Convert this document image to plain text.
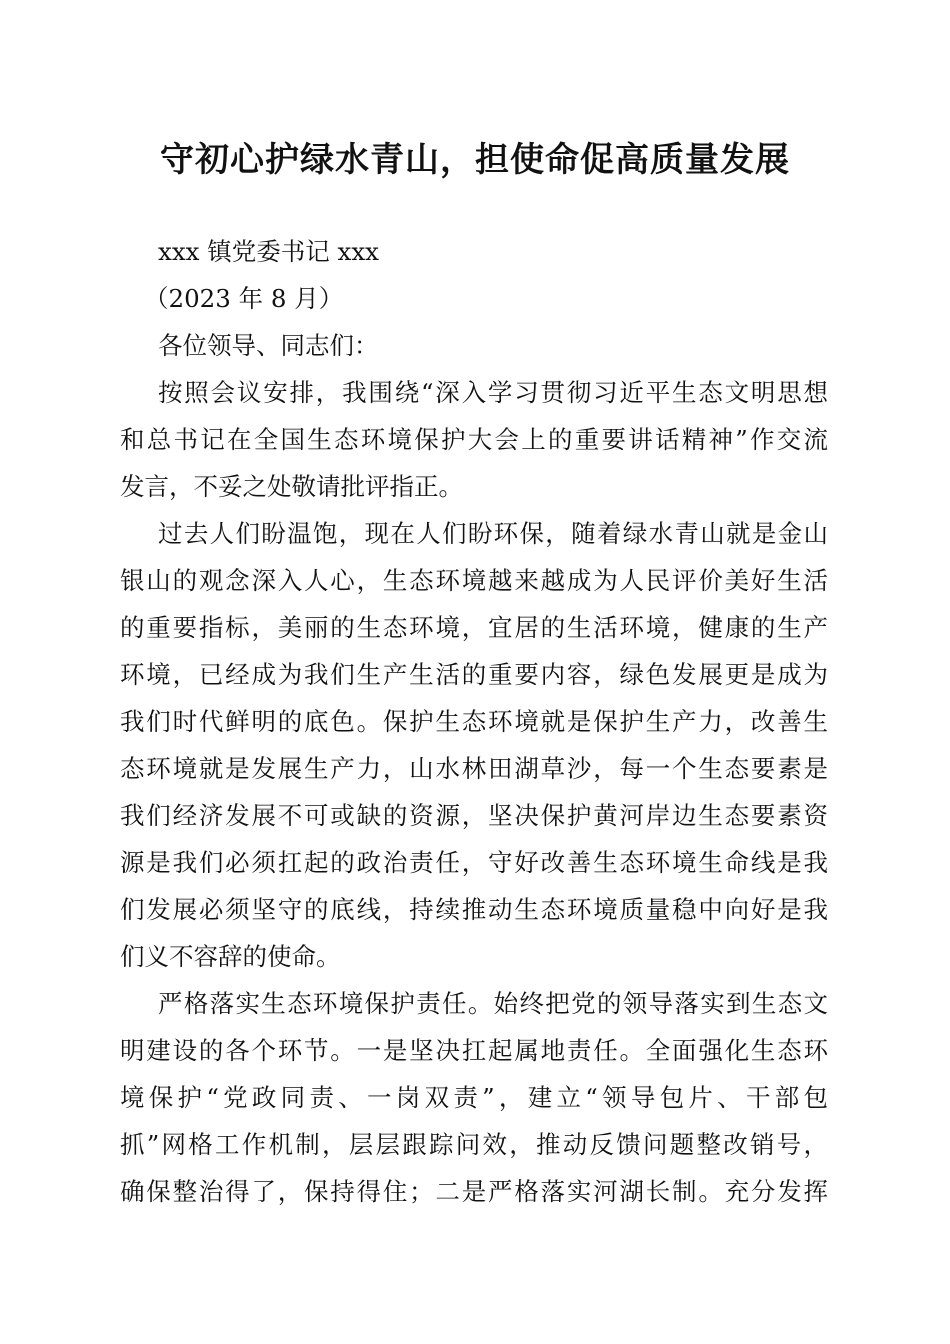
守初心护绿水青山，担使命促高质量发展
xxx 镇党委书记 xxx
（2023 年 8 月）
各位领导、同志们：
按照会议安排，我围绕“深入学习贯彻习近平生态文明思想
和总书记在全国生态环境保护大会上的重要讲话精神”作交流
发言，不妥之处敬请批评指正。
过去人们盼温饱，现在人们盼环保，随着绿水青山就是金山
银山的观念深入人心，生态环境越来越成为人民评价美好生活
的重要指标，美丽的生态环境，宜居的生活环境，健康的生产
环境，已经成为我们生产生活的重要内容，绿色发展更是成为
我们时代鲜明的底色。保护生态环境就是保护生产力，改善生
态环境就是发展生产力，山水林田湖草沙，每一个生态要素是
我们经济发展不可或缺的资源，坚决保护黄河岸边生态要素资
源是我们必须扛起的政治责任，守好改善生态环境生命线是我
们发展必须坚守的底线，持续推动生态环境质量稳中向好是我
们义不容辞的使命。
严格落实生态环境保护责任。始终把党的领导落实到生态文
明建设的各个环节。一是坚决扛起属地责任。全面强化生态环
境保护“党政同责、一岗双责”，建立“领导包片、干部包
抓”网格工作机制，层层跟踪问效，推动反馈问题整改销号，
确保整治得了，保持得住；二是严格落实河湖长制。充分发挥
